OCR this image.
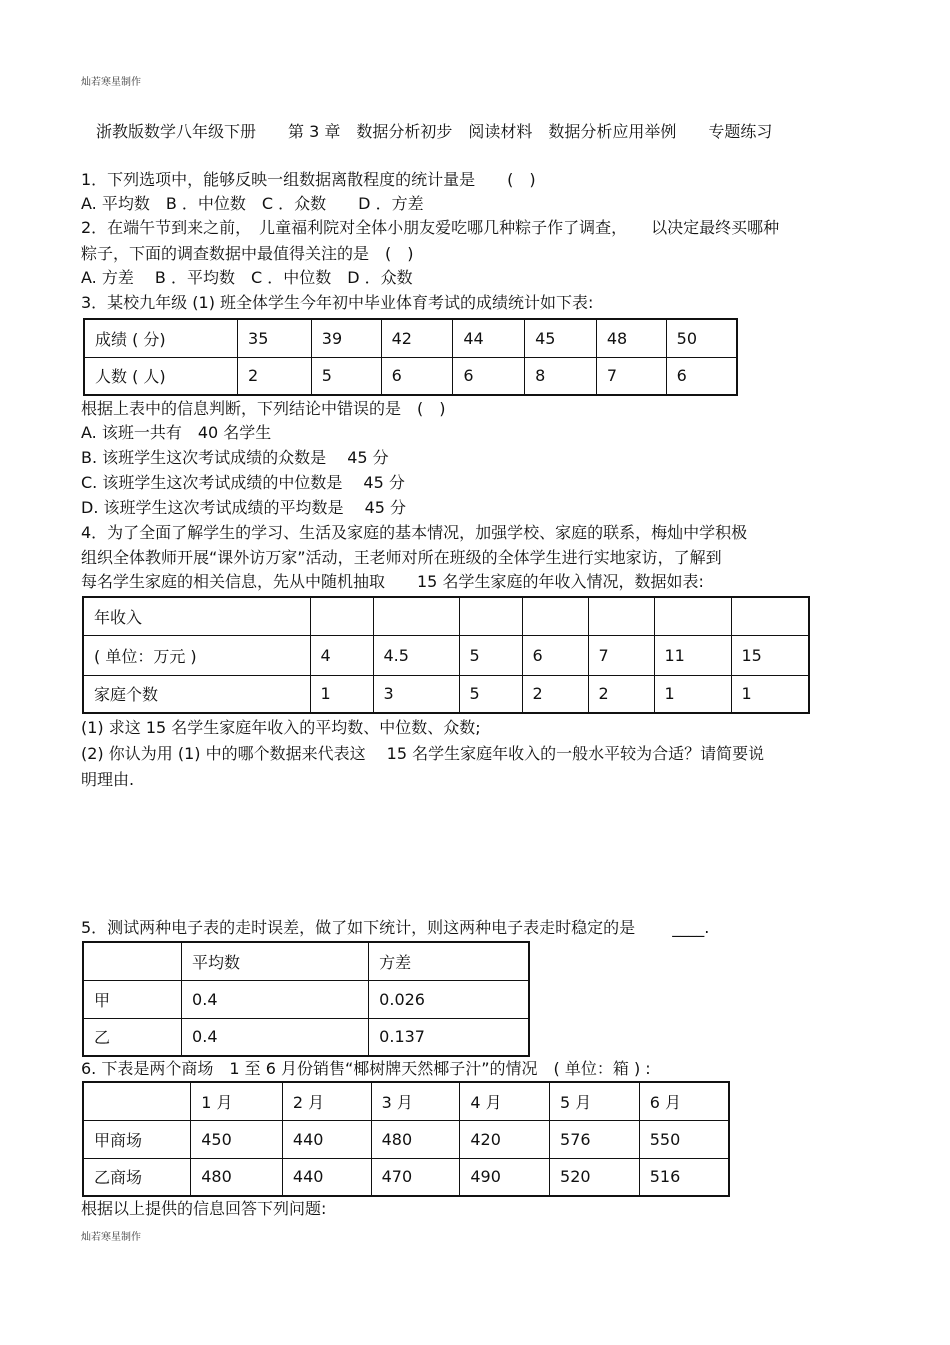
灿若寒星制作
浙教版数学八年级下册　　第 3 章　数据分析初步　阅读材料　数据分析应用举例　　专题练习
1．下列选项中，能够反映一组数据离散程度的统计量是　　(　)
A. 平均数　B ．中位数　C ．众数　　D ．方差
2．在端午节到来之前，　儿童福利院对全体小朋友爱吃哪几种粽子作了调查，　　以决定最终买哪种
粽子，下面的调查数据中最值得关注的是　(　)
A. 方差　 B ．平均数　C ．中位数　D ．众数
3．某校九年级 (1) 班全体学生今年初中毕业体育考试的成绩统计如下表:
成绩 ( 分)	35	39	42	44	45	48	50
人数 ( 人)	2	5	6	6	8	7	6
根据上表中的信息判断，下列结论中错误的是　(　)
A. 该班一共有　40 名学生
B. 该班学生这次考试成绩的众数是　 45 分
C. 该班学生这次考试成绩的中位数是　 45 分
D. 该班学生这次考试成绩的平均数是　 45 分
4．为了全面了解学生的学习、生活及家庭的基本情况，加强学校、家庭的联系，梅灿中学积极
组织全体教师开展“课外访万家”活动，王老师对所在班级的全体学生进行实地家访，了解到
每名学生家庭的相关信息，先从中随机抽取　　15 名学生家庭的年收入情况，数据如表:
年收入							
( 单位：万元 )	4	4.5	5	6	7	11	15
家庭个数	1	3	5	2	2	1	1
(1) 求这 15 名学生家庭年收入的平均数、中位数、众数;
(2) 你认为用 (1) 中的哪个数据来代表这　 15 名学生家庭年收入的一般水平较为合适？请简要说
明理由.
5．测试两种电子表的走时误差，做了如下统计，则这两种电子表走时稳定的是　　 ____.
	平均数	方差
甲	0.4	0.026
乙	0.4	0.137
6. 下表是两个商场　1 至 6 月份销售“椰树牌天然椰子汁”的情况　( 单位：箱 ) :
	1 月	2 月	3 月	4 月	5 月	6 月
甲商场	450	440	480	420	576	550
乙商场	480	440	470	490	520	516
根据以上提供的信息回答下列问题:
灿若寒星制作
